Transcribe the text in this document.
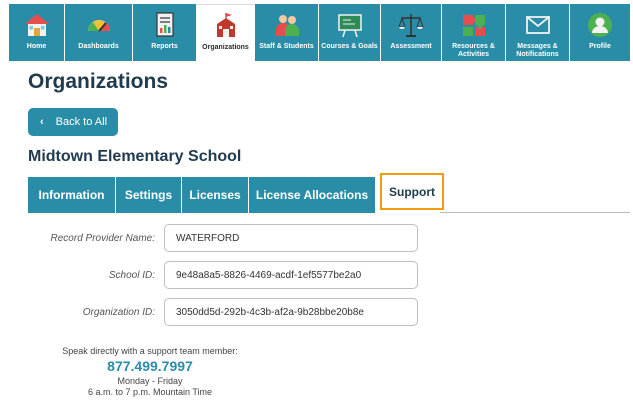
Home	Dashboards	Reports	Organizations Staff & Students Courses & Goals Assessment	Resources & Activities
Messages & Notifications
Profile
Organizations
‹ Back to All
Midtown Elementary School
Information	Settings	Licenses	License Allocations	Support
Record Provider Name:
WATERFORD
School ID:
9e48a8a5-8826-4469-acdf-1ef5577be2a0
Organization ID:
3050dd5d-292b-4c3b-af2a-9b28bbe20b8e
Speak directly with a support team member:
877.499.7997
Monday - Friday
6 a.m. to 7 p.m. Mountain Time
